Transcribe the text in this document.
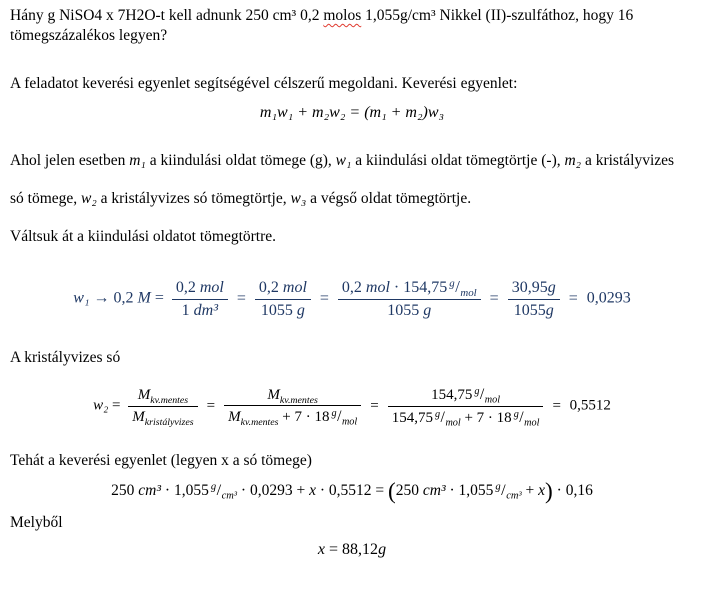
Hány g NiSO4 x 7H2O-t kell adnunk 250 cm³ 0,2 molos 1,055g/cm³ Nikkel (II)-szulfáthoz, hogy 16 tömegszázalékos legyen?

A feladatot keverési egyenlet segítségével célszerű megoldani. Keverési egyenlet:

m₁w₁ + m₂w₂ = (m₁ + m₂)w₃

Ahol jelen esetben m₁ a kiindulási oldat tömege (g), w₁ a kiindulási oldat tömegtörtje (-), m₂ a kristályvizes só tömege, w₂ a kristályvizes só tömegtörtje, w₃ a végső oldat tömegtörtje.

Váltsuk át a kiindulási oldatot tömegtörtre.

w₁ → 0,2 $M = \frac{\text{0,2 mol}}{\text{1 dm³}} = \frac{\text{0,2 mol}}{1055 g} = \frac{\text{0,2 mol · 154,75 g/mol}}{1055 g} = \frac{30,95g}{1055g} = 0,0293$

A kristályvizes só

$w_2 = \frac{M_{kv.mentes}}{M_{kristályvizes}} = \frac{M_{kv.mentes}}{M_{kv.mentes} + 7 \cdot 18 g/mol} = \frac{\text{154,75 g/mol}}{\text{154,75 g/mol + 7 · 18 g/mol}} = 0,5512$

Tehát a keverési egyenlet (legyen x a só tömege)

250 cm³ · 1,055 g/cm³ · 0,0293 + x · 0,5512 = (250 cm³ · 1,055 g/cm³ + x) · 0,16

Melyből

x = 88,12g
